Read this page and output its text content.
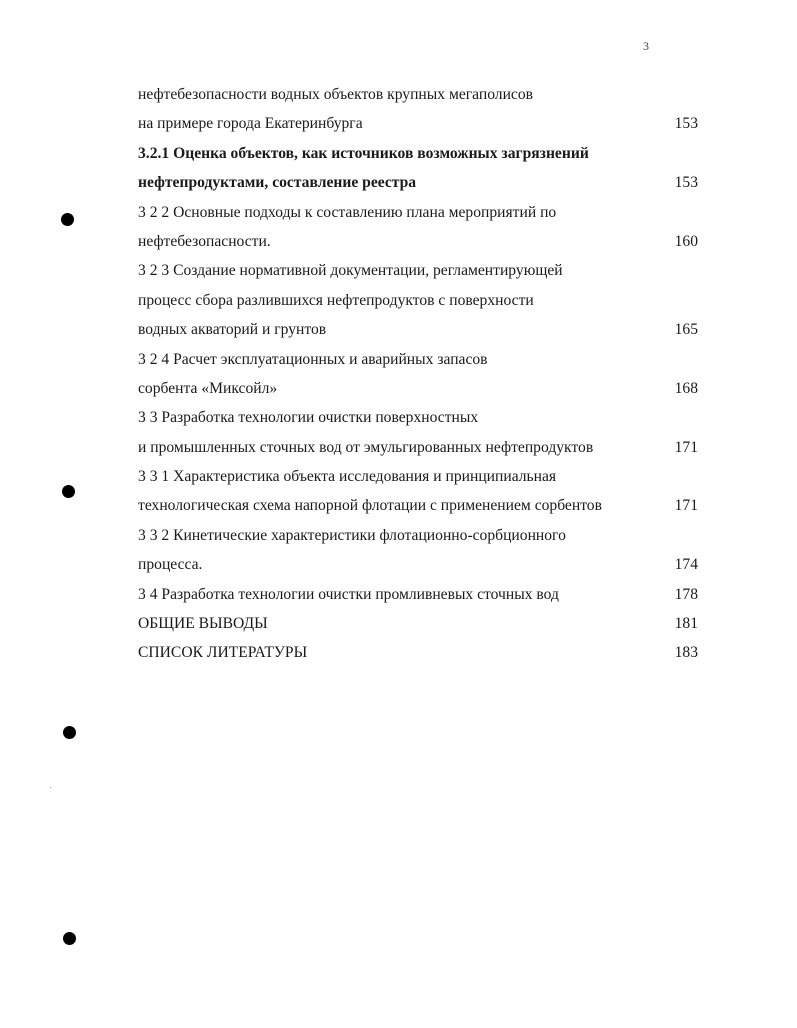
3
нефтебезопасности водных объектов крупных мегаполисов
на примере города Екатеринбурга	153
3.2.1 Оценка объектов, как источников возможных загрязнений
нефтепродуктами, составление реестра	153
3 2 2 Основные подходы к составлению плана мероприятий по
нефтебезопасности.	160
3 2 3 Создание нормативной документации, регламентирующей
процесс сбора разлившихся нефтепродуктов с поверхности
водных акваторий и грунтов	165
3 2 4 Расчет эксплуатационных и аварийных запасов
сорбента «Миксойл»	168
3 3 Разработка технологии очистки поверхностных
и промышленных сточных вод от эмульгированных нефтепродуктов	171
3 3 1 Характеристика объекта исследования и принципиальная
технологическая схема напорной флотации с применением сорбентов	171
3 3 2 Кинетические характеристики флотационно-сорбционного
процесса.	174
3 4 Разработка технологии очистки промливневых сточных вод	178
ОБЩИЕ ВЫВОДЫ	181
СПИСОК ЛИТЕРАТУРЫ	183
